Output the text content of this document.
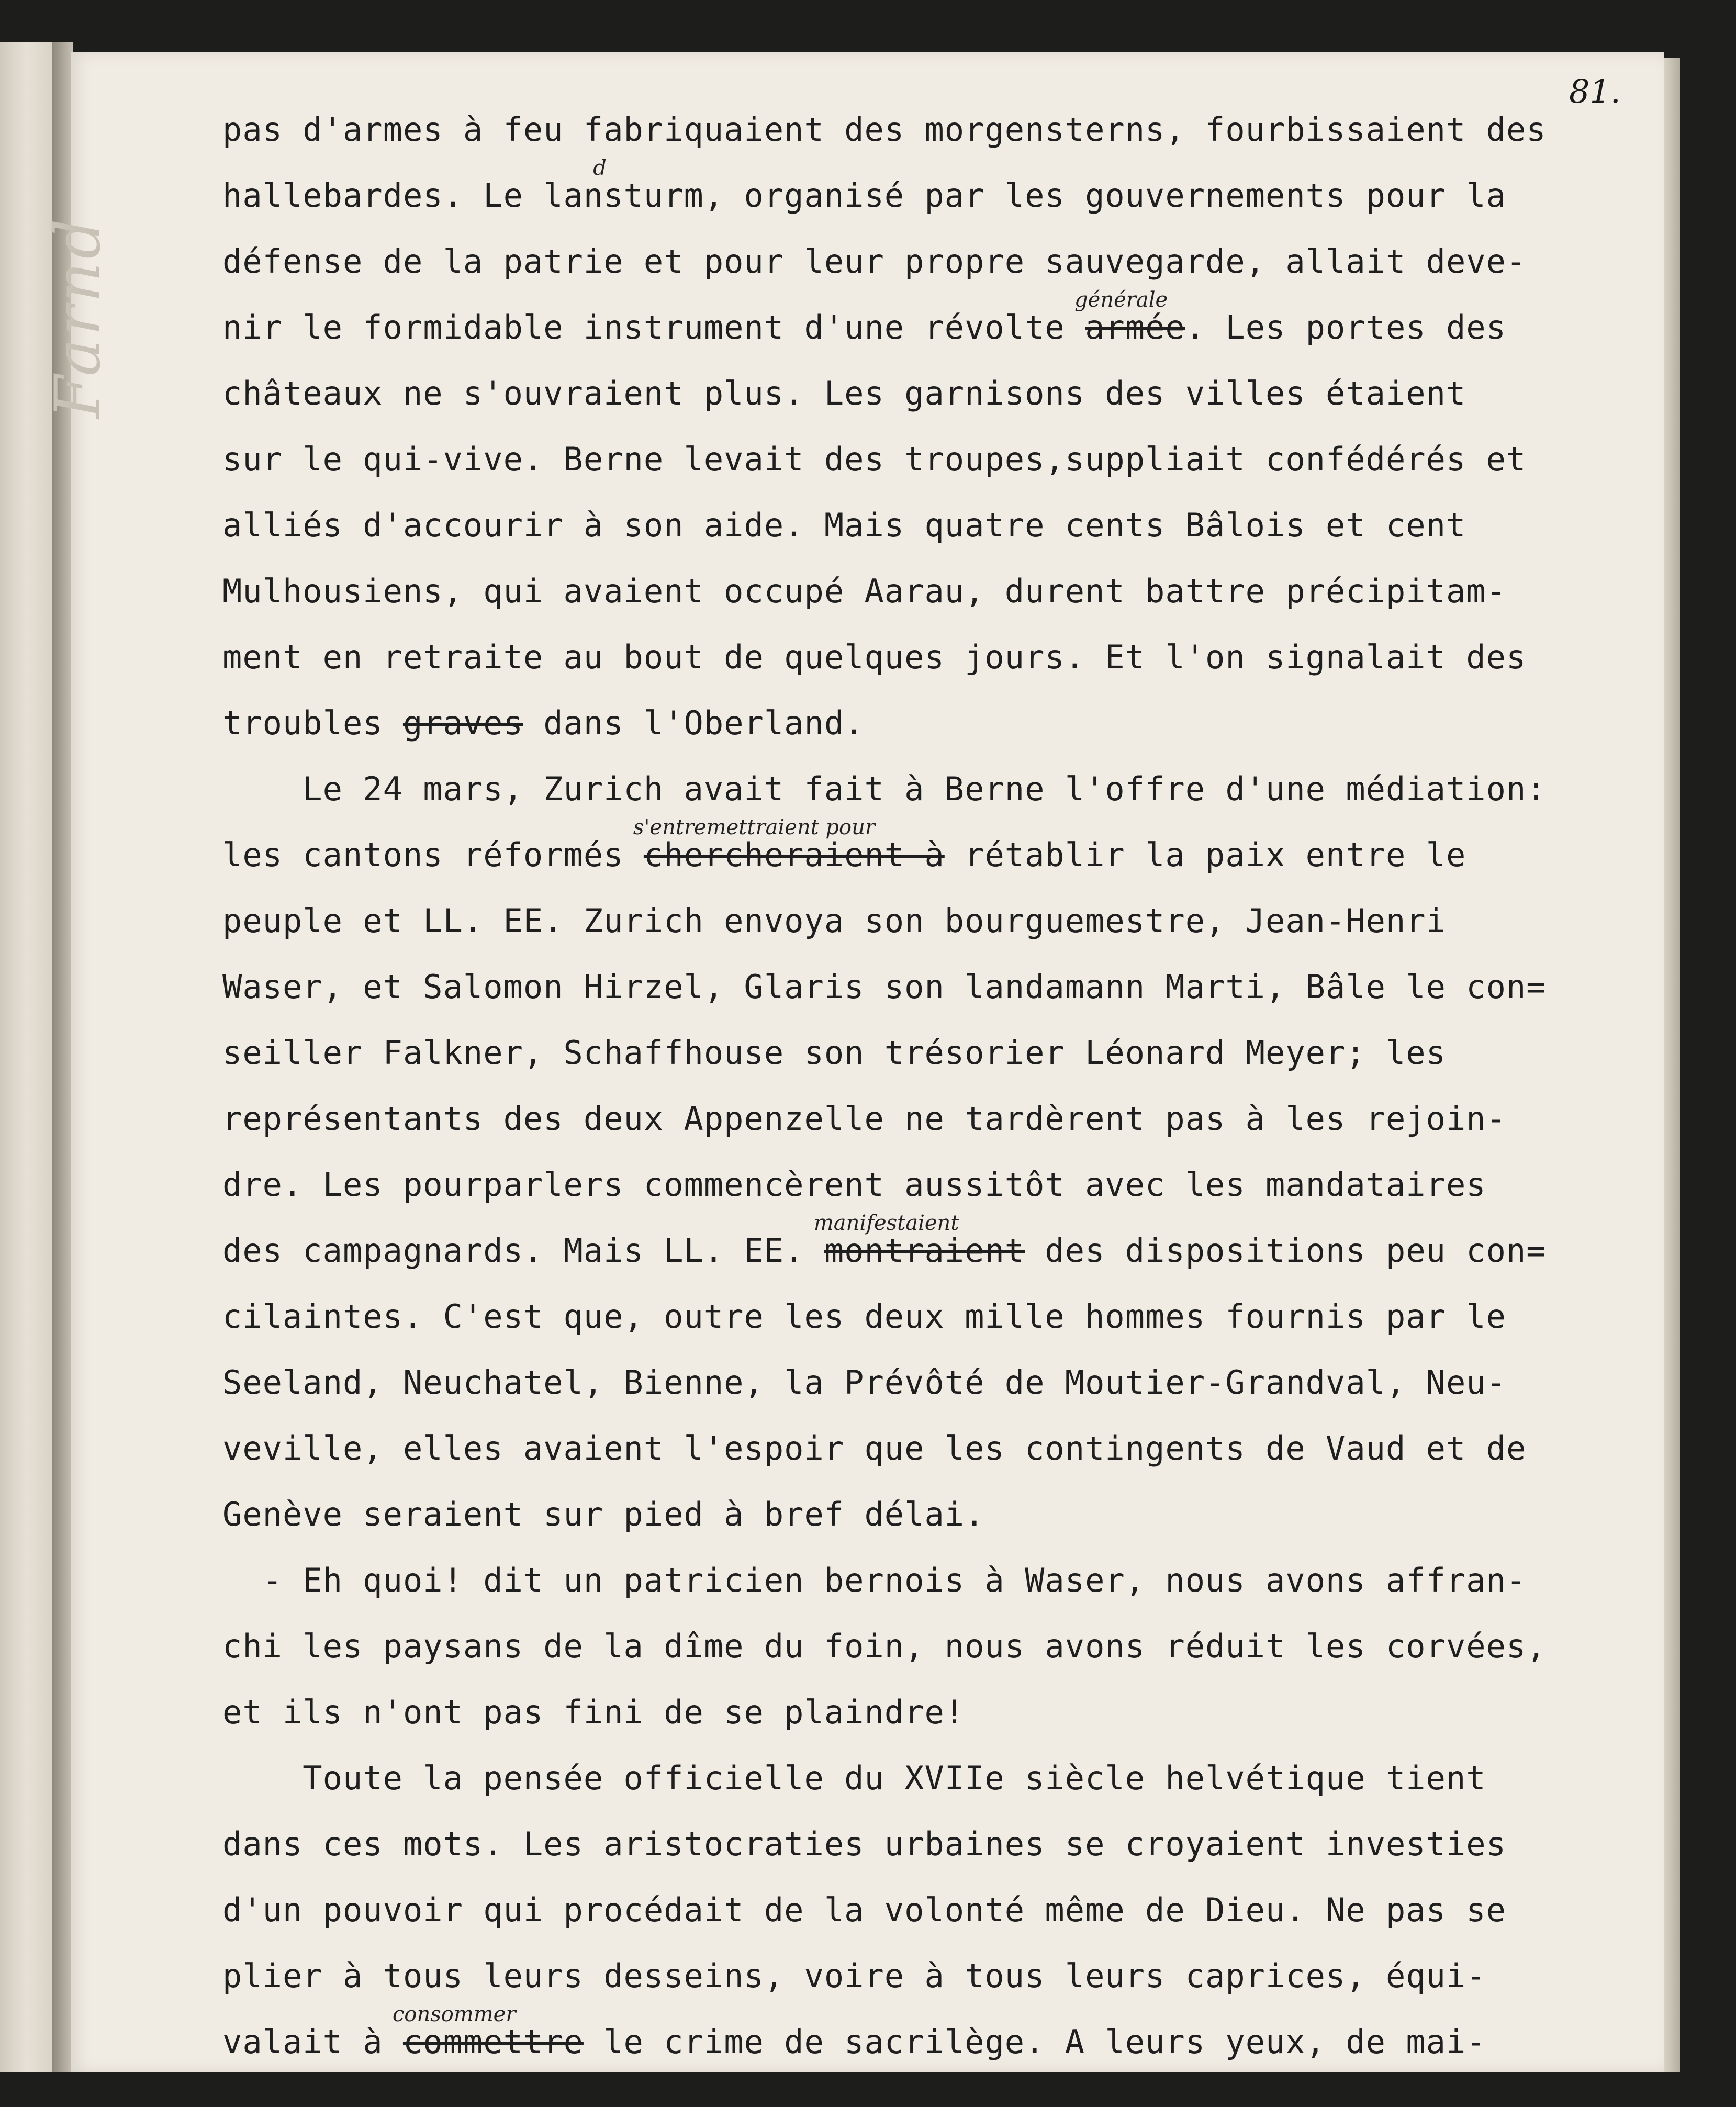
Farnd
81.
pas d'armes à feu fabriquaient des morgensterns, fourbissaient des
hallebardes. Le lan
d
sturm, organisé par les gouvernements pour la
défense de la patrie et pour leur propre sauvegarde, allait deve-
nir le formidable instrument d'une révolte
générale
armée. Les portes des
châteaux ne s'ouvraient plus. Les garnisons des villes étaient
sur le qui-vive. Berne levait des troupes,suppliait confédérés et
alliés d'accourir à son aide. Mais quatre cents Bâlois et cent
Mulhousiens, qui avaient occupé Aarau, durent battre précipitam-
ment en retraite au bout de quelques jours. Et l'on signalait des
troubles graves dans l'Oberland.
Le 24 mars, Zurich avait fait à Berne l'offre d'une médiation:
les cantons réformés
s'entremettraient pour
chercheraient à rétablir la paix entre le
peuple et LL. EE. Zurich envoya son bourguemestre, Jean-Henri
Waser, et Salomon Hirzel, Glaris son landamann Marti, Bâle le con=
seiller Falkner, Schaffhouse son trésorier Léonard Meyer; les
représentants des deux Appenzelle ne tardèrent pas à les rejoin-
dre. Les pourparlers commencèrent aussitôt avec les mandataires
des campagnards. Mais LL. EE.
manifestaient
montraient des dispositions peu con=
cilaintes. C'est que, outre les deux mille hommes fournis par le
Seeland, Neuchatel, Bienne, la Prévôté de Moutier-Grandval, Neu-
veville, elles avaient l'espoir que les contingents de Vaud et de
Genève seraient sur pied à bref délai.
- Eh quoi! dit un patricien bernois à Waser, nous avons affran-
chi les paysans de la dîme du foin, nous avons réduit les corvées,
et ils n'ont pas fini de se plaindre!
Toute la pensée officielle du XVIIe siècle helvétique tient
dans ces mots. Les aristocraties urbaines se croyaient investies
d'un pouvoir qui procédait de la volonté même de Dieu. Ne pas se
plier à tous leurs desseins, voire à tous leurs caprices, équi-
valait à
consommer
commettre le crime de sacrilège. A leurs yeux, de mai-
